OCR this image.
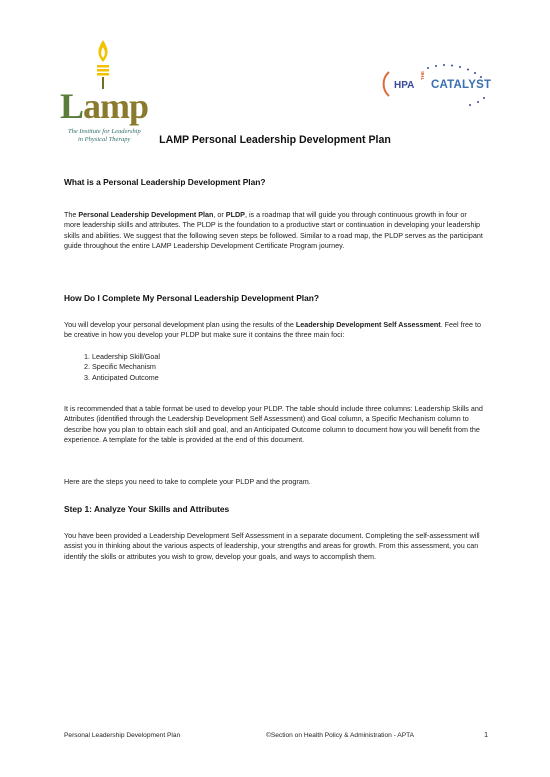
Lamp
The Institute for Leadership
in Physical Therapy
HPA
THE
CATALYST
LAMP Personal Leadership Development Plan
What is a Personal Leadership Development Plan?

The Personal Leadership Development Plan, or PLDP, is a roadmap that will guide you through continuous growth in four or more leadership skills and attributes. The PLDP is the foundation to a productive start or continuation in developing your leadership skills and abilities. We suggest that the following seven steps be followed. Similar to a road map, the PLDP serves as the participant guide throughout the entire LAMP Leadership Development Certificate Program journey.

How Do I Complete My Personal Leadership Development Plan?

You will develop your personal development plan using the results of the Leadership Development Self Assessment. Feel free to be creative in how you develop your PLDP but make sure it contains the three main foci:

1. Leadership Skill/Goal
2. Specific Mechanism
3. Anticipated Outcome

It is recommended that a table format be used to develop your PLDP. The table should include three columns: Leadership Skills and Attributes (identified through the Leadership Development Self Assessment) and Goal column, a Specific Mechanism column to describe how you plan to obtain each skill and goal, and an Anticipated Outcome column to document how you will benefit from the experience. A template for the table is provided at the end of this document.

Here are the steps you need to take to complete your PLDP and the program.

Step 1: Analyze Your Skills and Attributes

You have been provided a Leadership Development Self Assessment in a separate document. Completing the self-assessment will assist you in thinking about the various aspects of leadership, your strengths and areas for growth. From this assessment, you can identify the skills or attributes you wish to grow, develop your goals, and ways to accomplish them.

Personal Leadership Development Plan	©Section on Health Policy & Administration - APTA	1
